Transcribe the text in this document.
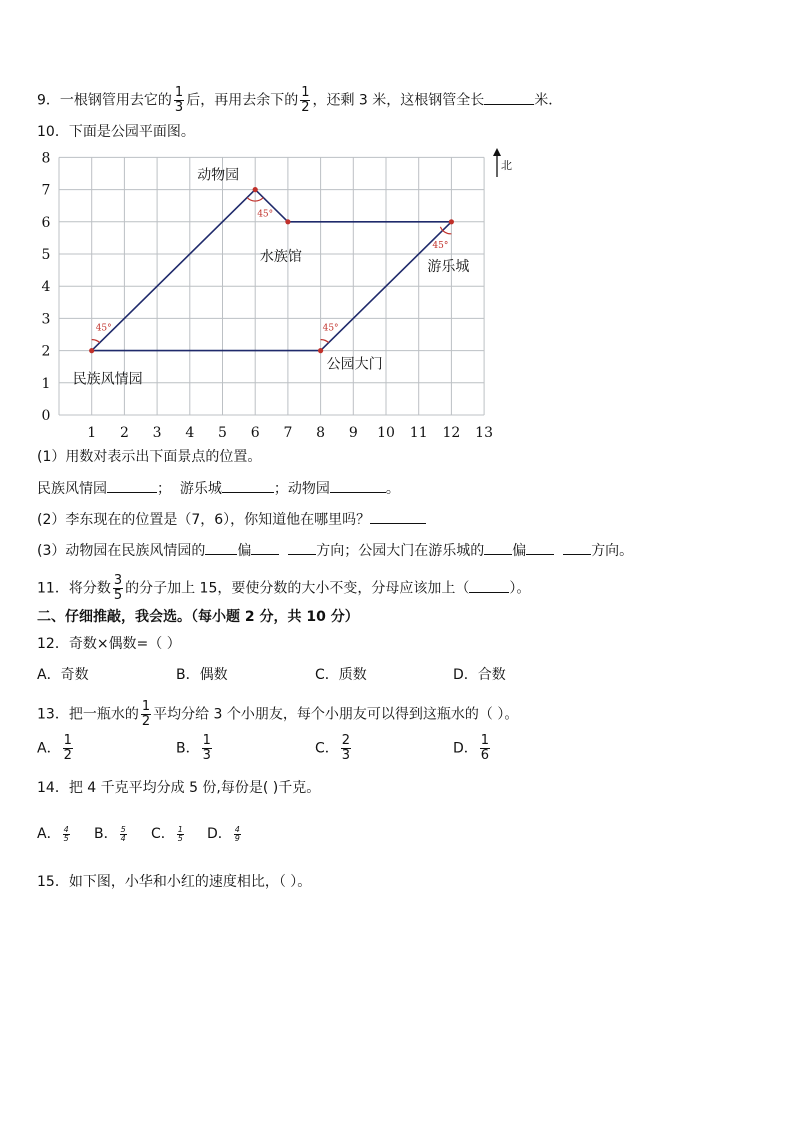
9．一根钢管用去它的 $\frac{1}{3}$ 后，再用去余下的 $\frac{1}{2}$ ，还剩 3 米，这根钢管全长	米．
10．下面是公园平面图。
1 2 3 4 5 6 7 8 9 10 11 12 13
0
1
2
3
4
5
6
7
8
45°	45°
45°
45°
动物园
水族馆
游乐城
民族风情园
公园大门
北
(1）用数对表示出下面景点的位置。
民族风情园	； 游乐城	；动物园	。
(2）李东现在的位置是（7，6），你知道他在哪里吗？
(3）动物园在民族风情园的 偏	方向；公园大门在游乐城的 偏	方向。
11．将分数 $\frac{3}{5}$ 的分子加上 15，要使分数的大小不变，分母应该加上（	）。
二、仔细推敲，我会选。（每小题 2 分，共 10 分）
12．奇数×偶数=（ ）
A．奇数	B．偶数	C．质数	D．合数
13．把一瓶水的 $\frac{1}{2}$ 平均分给 3 个小朋友，每个小朋友可以得到这瓶水的（ ）。
A． $\frac{1}{2}$	B． $\frac{1}{3}$	C． $\frac{2}{3}$	D． $\frac{1}{6}$
14．把 4 千克平均分成 5 份,每份是( )千克。
A． $\frac{4}{5}$ B． $\frac{5}{4}$ C． $\frac{1}{5}$ D． $\frac{4}{9}$
15．如下图，小华和小红的速度相比，（ ）。
